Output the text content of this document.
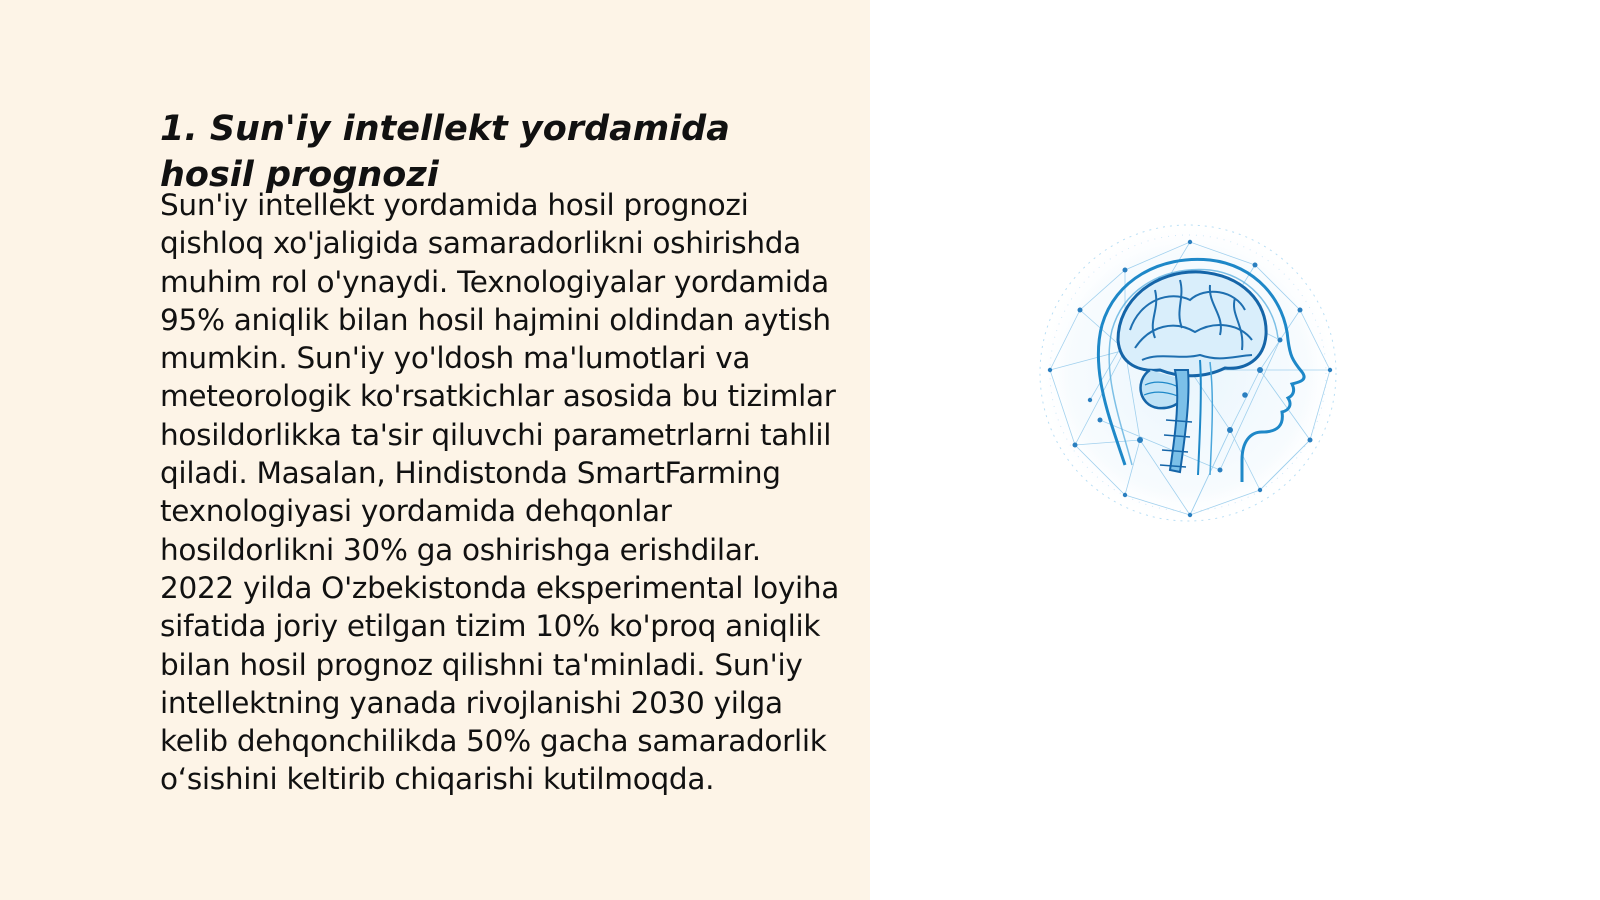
1. Sun'iy intellekt yordamida hosil prognozi

Sun'iy intellekt yordamida hosil prognozi qishloq xo'jaligida samaradorlikni oshirishda muhim rol o'ynaydi. Texnologiyalar yordamida 95% aniqlik bilan hosil hajmini oldindan aytish mumkin. Sun'iy yo'ldosh ma'lumotlari va meteorologik ko'rsatkichlar asosida bu tizimlar hosildorlikka ta'sir qiluvchi parametrlarni tahlil qiladi. Masalan, Hindistonda SmartFarming texnologiyasi yordamida dehqonlar hosildorlikni 30% ga oshirishga erishdilar. 2022 yilda O'zbekistonda eksperimental loyiha sifatida joriy etilgan tizim 10% ko'proq aniqlik bilan hosil prognoz qilishni ta'minladi. Sun'iy intellektning yanada rivojlanishi 2030 yilga kelib dehqonchilikda 50% gacha samaradorlik o‘sishini keltirib chiqarishi kutilmoqda.
